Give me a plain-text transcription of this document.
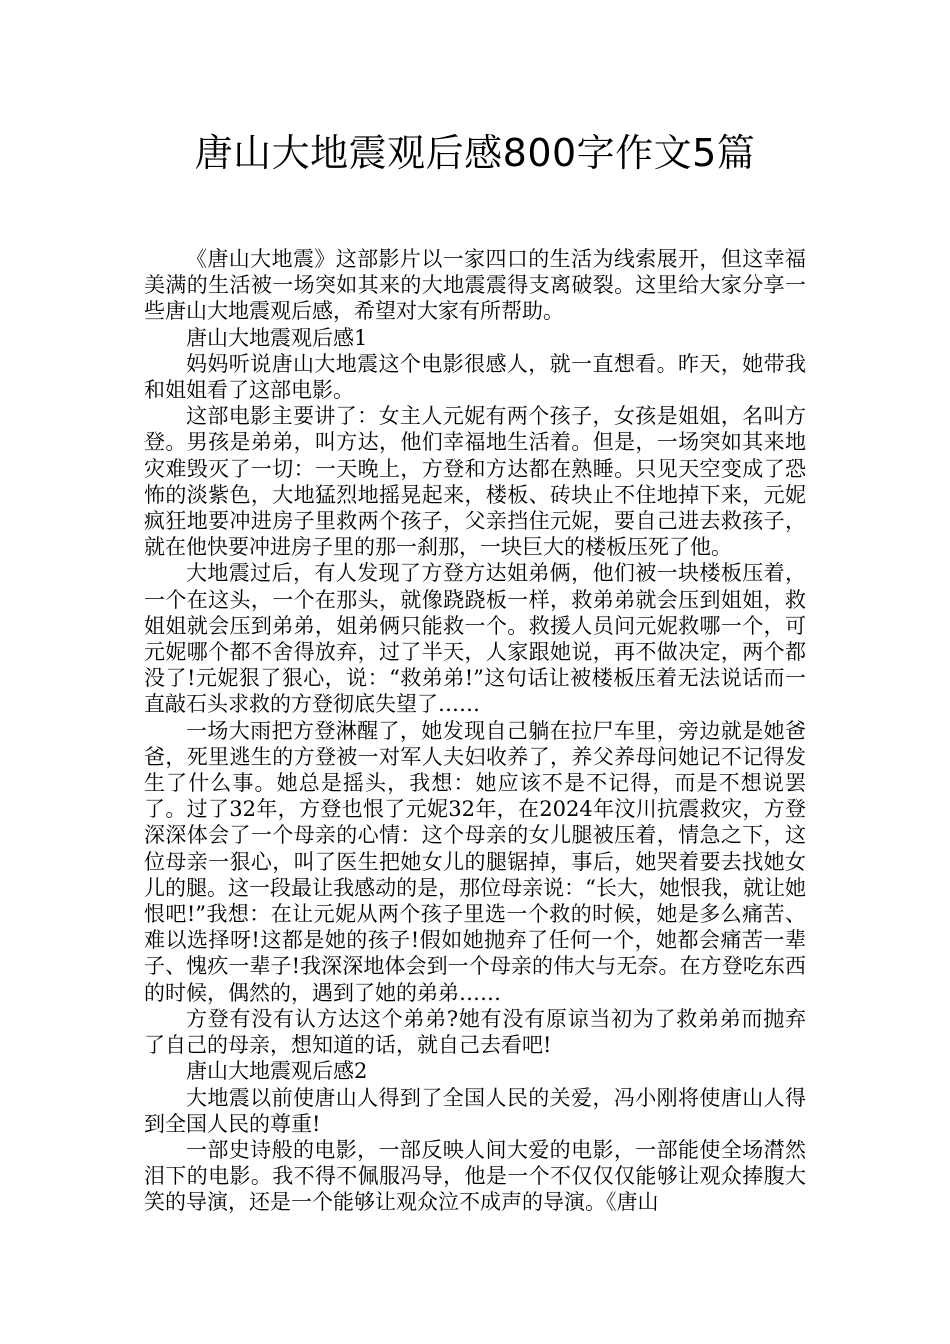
唐山大地震观后感800字作文5篇

《唐山大地震》这部影片以一家四口的生活为线索展开，但这幸福美满的生活被一场突如其来的大地震震得支离破裂。这里给大家分享一些唐山大地震观后感，希望对大家有所帮助。

唐山大地震观后感1

妈妈听说唐山大地震这个电影很感人，就一直想看。昨天，她带我和姐姐看了这部电影。

这部电影主要讲了：女主人元妮有两个孩子，女孩是姐姐，名叫方登。男孩是弟弟，叫方达，他们幸福地生活着。但是，一场突如其来地灾难毁灭了一切：一天晚上，方登和方达都在熟睡。只见天空变成了恐怖的淡紫色，大地猛烈地摇晃起来，楼板、砖块止不住地掉下来，元妮疯狂地要冲进房子里救两个孩子，父亲挡住元妮，要自己进去救孩子，就在他快要冲进房子里的那一刹那，一块巨大的楼板压死了他。

大地震过后，有人发现了方登方达姐弟俩，他们被一块楼板压着，一个在这头，一个在那头，就像跷跷板一样，救弟弟就会压到姐姐，救姐姐就会压到弟弟，姐弟俩只能救一个。救援人员问元妮救哪一个，可元妮哪个都不舍得放弃，过了半天，人家跟她说，再不做决定，两个都没了!元妮狠了狠心，说：“救弟弟!”这句话让被楼板压着无法说话而一直敲石头求救的方登彻底失望了……

一场大雨把方登淋醒了，她发现自己躺在拉尸车里，旁边就是她爸爸，死里逃生的方登被一对军人夫妇收养了，养父养母问她记不记得发生了什么事。她总是摇头，我想：她应该不是不记得，而是不想说罢了。过了32年，方登也恨了元妮32年，在2024年汶川抗震救灾，方登深深体会了一个母亲的心情：这个母亲的女儿腿被压着，情急之下，这位母亲一狠心，叫了医生把她女儿的腿锯掉，事后，她哭着要去找她女儿的腿。这一段最让我感动的是，那位母亲说：“长大，她恨我，就让她恨吧!”我想：在让元妮从两个孩子里选一个救的时候，她是多么痛苦、难以选择呀!这都是她的孩子!假如她抛弃了任何一个，她都会痛苦一辈子、愧疚一辈子!我深深地体会到一个母亲的伟大与无奈。在方登吃东西的时候，偶然的，遇到了她的弟弟……

方登有没有认方达这个弟弟?她有没有原谅当初为了救弟弟而抛弃了自己的母亲，想知道的话，就自己去看吧!

唐山大地震观后感2

大地震以前使唐山人得到了全国人民的关爱，冯小刚将使唐山人得到全国人民的尊重!

一部史诗般的电影，一部反映人间大爱的电影，一部能使全场潸然泪下的电影。我不得不佩服冯导，他是一个不仅仅仅能够让观众捧腹大笑的导演，还是一个能够让观众泣不成声的导演。《唐山
